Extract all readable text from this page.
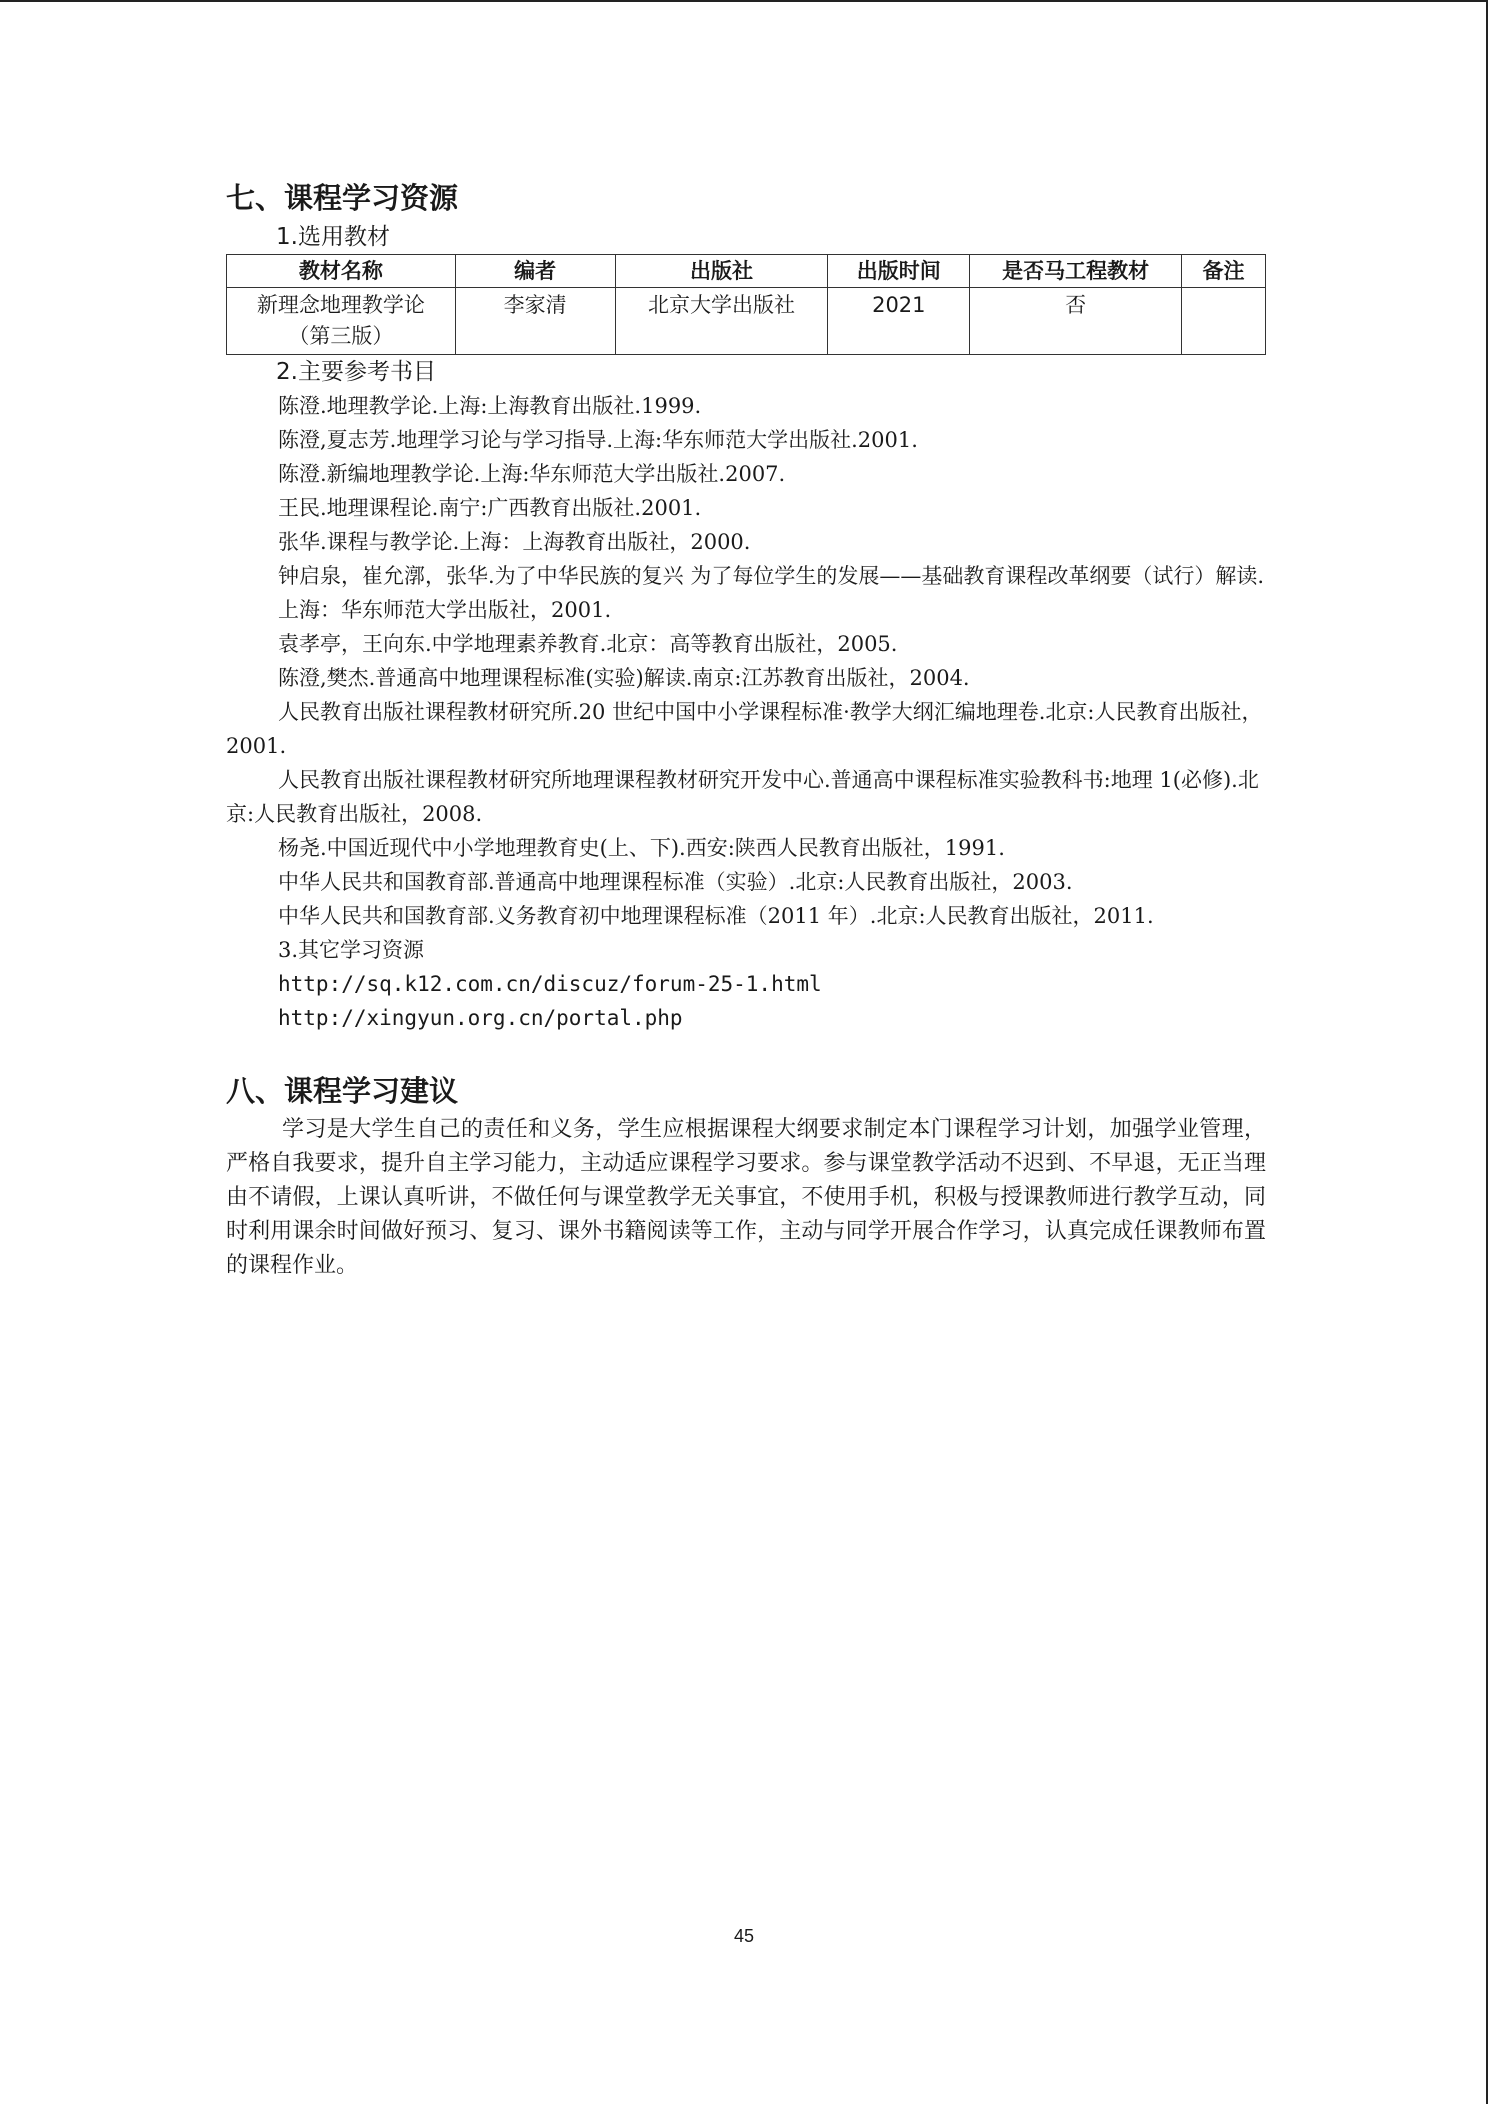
七、课程学习资源

1.选用教材

教材名称	编者	出版社	出版时间	是否马工程教材	备注

新理念地理教学论
（第三版）	李家清	北京大学出版社	2021	否	

2.主要参考书目

陈澄.地理教学论.上海:上海教育出版社.1999.

陈澄,夏志芳.地理学习论与学习指导.上海:华东师范大学出版社.2001.

陈澄.新编地理教学论.上海:华东师范大学出版社.2007.

王民.地理课程论.南宁:广西教育出版社.2001.

张华.课程与教学论.上海：上海教育出版社，2000.

钟启泉，崔允漷，张华.为了中华民族的复兴 为了每位学生的发展——基础教育课程改革纲要（试行）解读.上海：华东师范大学出版社，2001.

袁孝亭，王向东.中学地理素养教育.北京：高等教育出版社，2005.

陈澄,樊杰.普通高中地理课程标准(实验)解读.南京:江苏教育出版社，2004.

人民教育出版社课程教材研究所.20 世纪中国中小学课程标准·教学大纲汇编地理卷.北京:人民教育出版社，2001.

人民教育出版社课程教材研究所地理课程教材研究开发中心.普通高中课程标准实验教科书:地理 1(必修).北京:人民教育出版社，2008.

杨尧.中国近现代中小学地理教育史(上、下).西安:陕西人民教育出版社，1991.

中华人民共和国教育部.普通高中地理课程标准（实验）.北京:人民教育出版社，2003.

中华人民共和国教育部.义务教育初中地理课程标准（2011 年）.北京:人民教育出版社，2011.

3.其它学习资源

http://sq.k12.com.cn/discuz/forum-25-1.html

http://xingyun.org.cn/portal.php

八、课程学习建议

学习是大学生自己的责任和义务，学生应根据课程大纲要求制定本门课程学习计划，加强学业管理，严格自我要求，提升自主学习能力，主动适应课程学习要求。参与课堂教学活动不迟到、不早退，无正当理由不请假，上课认真听讲，不做任何与课堂教学无关事宜，不使用手机，积极与授课教师进行教学互动，同时利用课余时间做好预习、复习、课外书籍阅读等工作，主动与同学开展合作学习，认真完成任课教师布置的课程作业。

45
